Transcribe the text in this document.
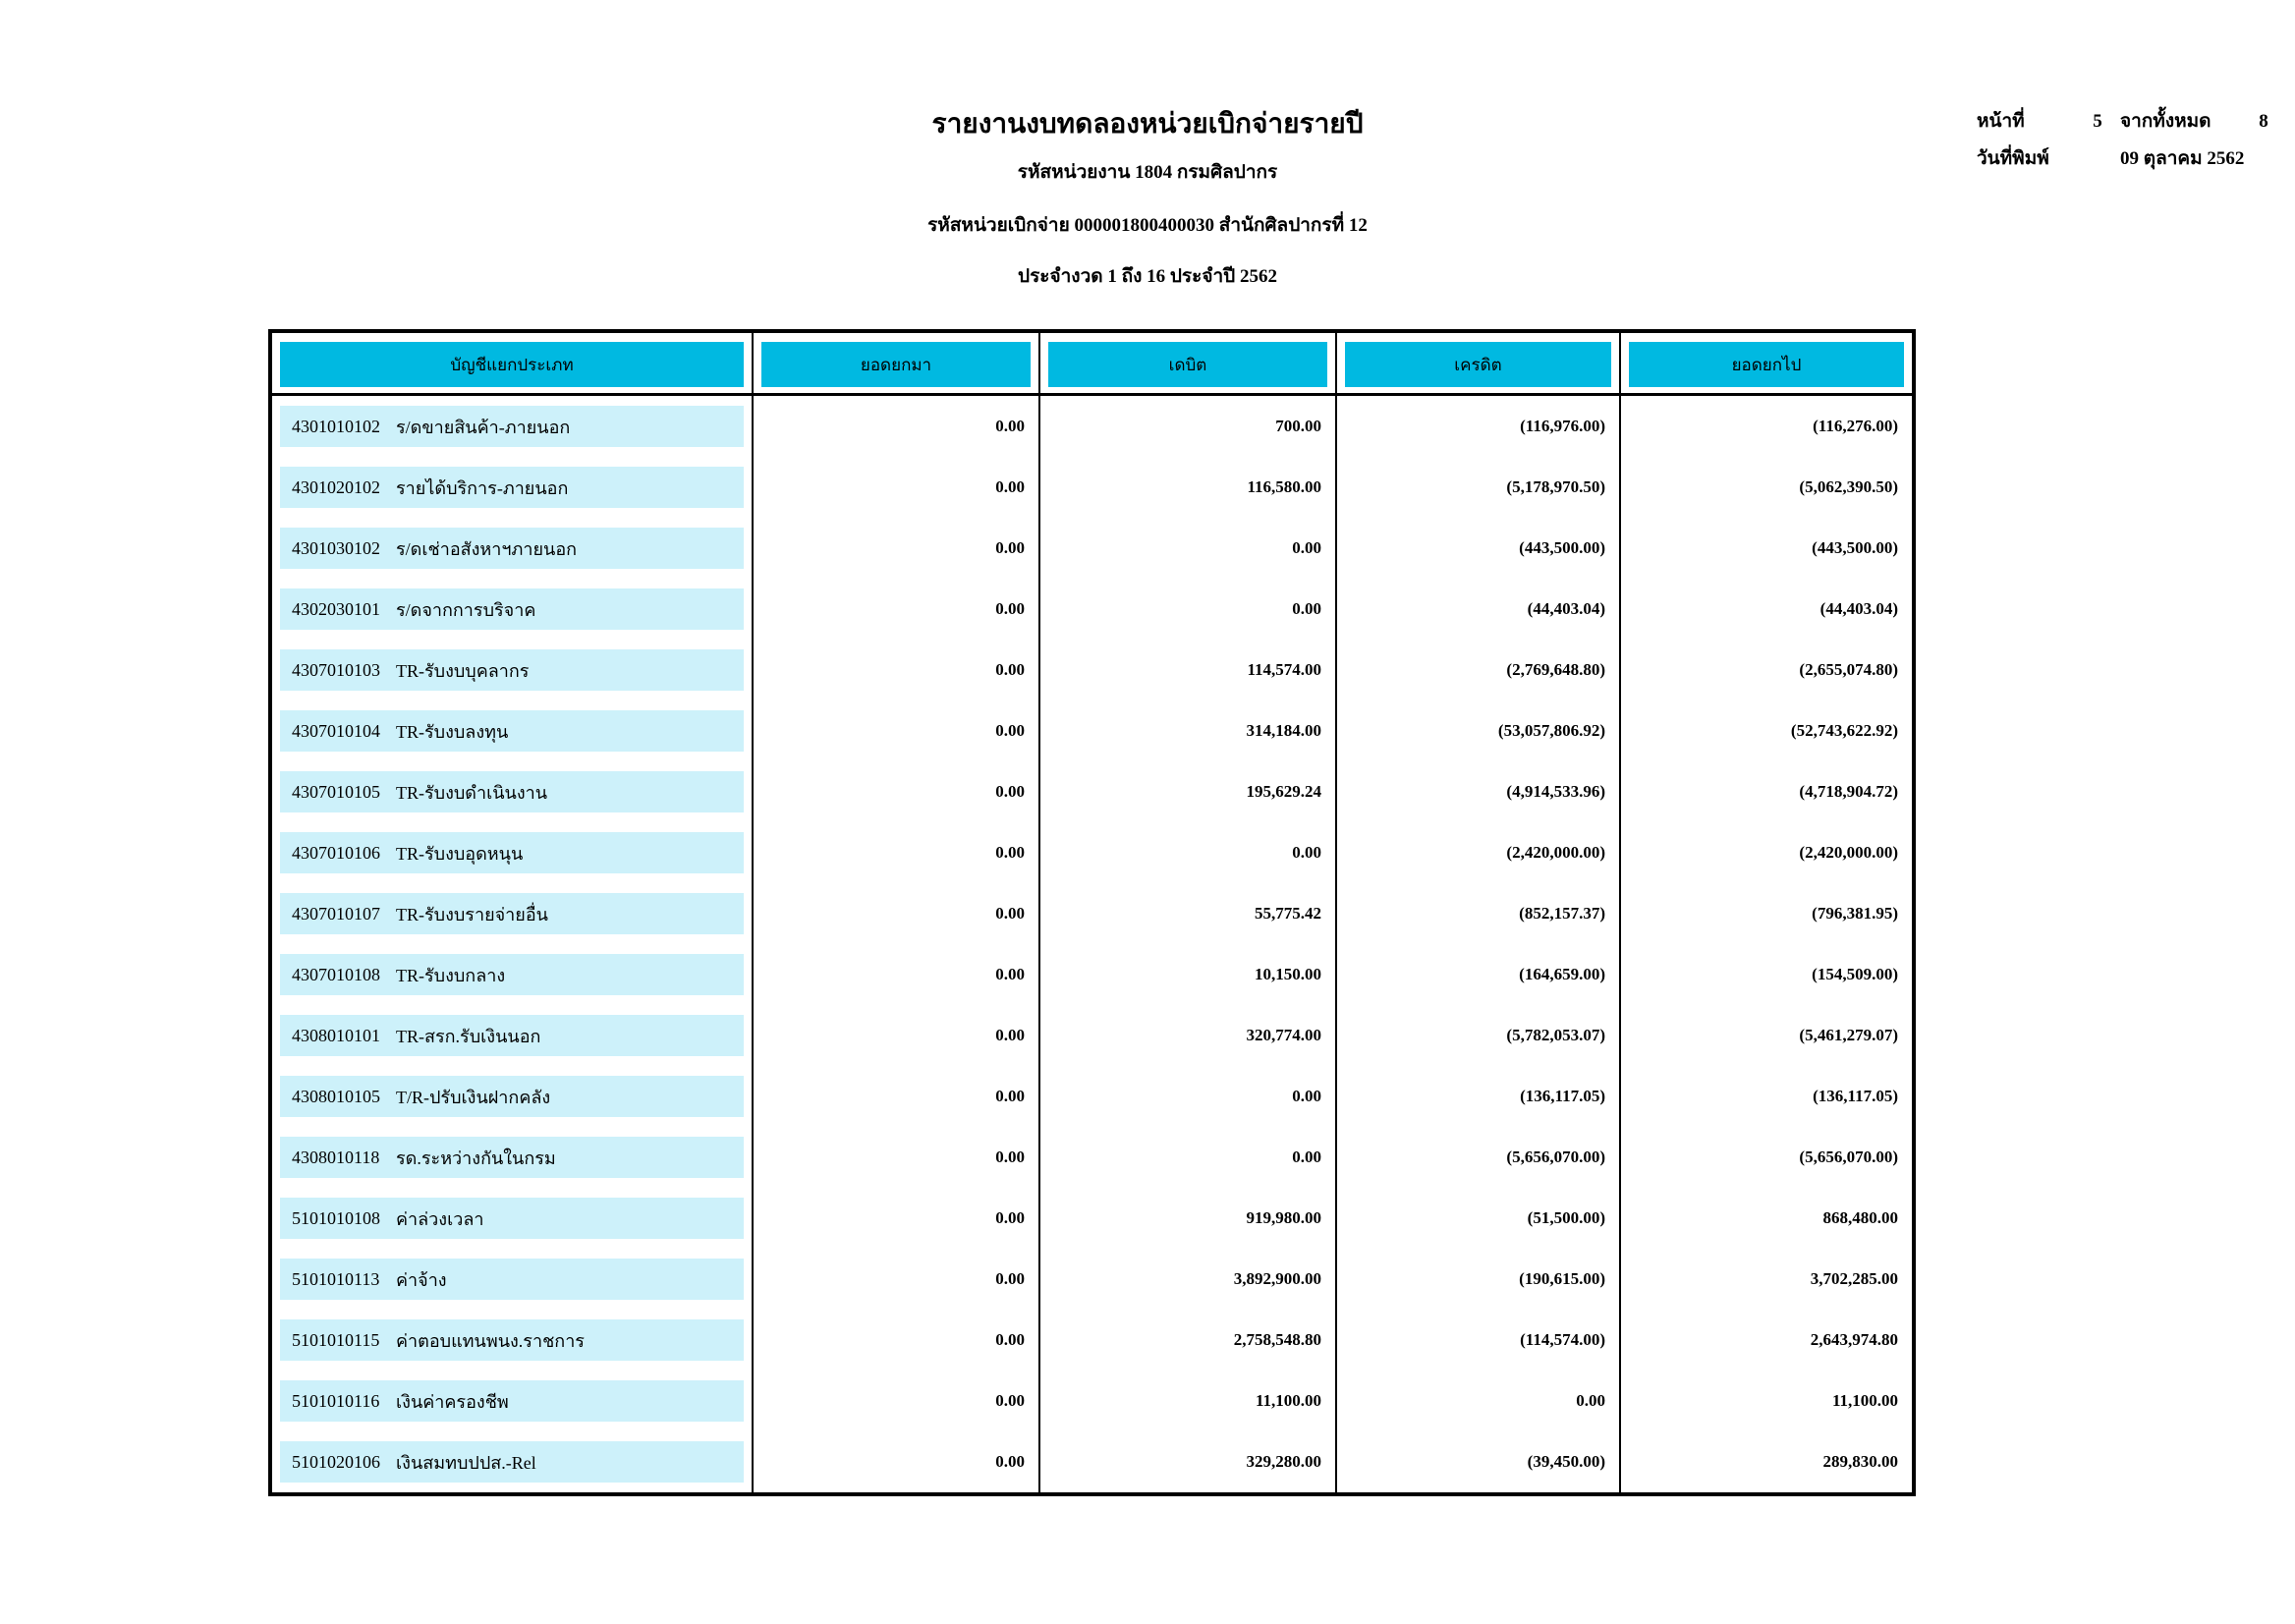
รายงานงบทดลองหน่วยเบิกจ่ายรายปี
รหัสหน่วยงาน 1804 กรมศิลปากร
รหัสหน่วยเบิกจ่าย 000001800400030 สำนักศิลปากรที่ 12
ประจำงวด 1 ถึง 16 ประจำปี 2562
หน้าที่	5 จากทั้งหมด	8
วันที่พิมพ์	09 ตุลาคม 2562
บัญชีแยกประเภท	ยอดยกมา	เดบิต	เครดิต	ยอดยกไป
4301010102 ร/ดขายสินค้า-ภายนอก	0.00	700.00	(116,976.00)	(116,276.00)
4301020102 รายได้บริการ-ภายนอก	0.00	116,580.00	(5,178,970.50)	(5,062,390.50)
4301030102 ร/ดเช่าอสังหาฯภายนอก	0.00	0.00	(443,500.00)	(443,500.00)
4302030101 ร/ดจากการบริจาค	0.00	0.00	(44,403.04)	(44,403.04)
4307010103 TR-รับงบบุคลากร	0.00	114,574.00	(2,769,648.80)	(2,655,074.80)
4307010104 TR-รับงบลงทุน	0.00	314,184.00	(53,057,806.92)	(52,743,622.92)
4307010105 TR-รับงบดำเนินงาน	0.00	195,629.24	(4,914,533.96)	(4,718,904.72)
4307010106 TR-รับงบอุดหนุน	0.00	0.00	(2,420,000.00)	(2,420,000.00)
4307010107 TR-รับงบรายจ่ายอื่น	0.00	55,775.42	(852,157.37)	(796,381.95)
4307010108 TR-รับงบกลาง	0.00	10,150.00	(164,659.00)	(154,509.00)
4308010101 TR-สรก.รับเงินนอก	0.00	320,774.00	(5,782,053.07)	(5,461,279.07)
4308010105 T/R-ปรับเงินฝากคลัง	0.00	0.00	(136,117.05)	(136,117.05)
4308010118 รด.ระหว่างกันในกรม	0.00	0.00	(5,656,070.00)	(5,656,070.00)
5101010108 ค่าล่วงเวลา	0.00	919,980.00	(51,500.00)	868,480.00
5101010113 ค่าจ้าง	0.00	3,892,900.00	(190,615.00)	3,702,285.00
5101010115 ค่าตอบแทนพนง.ราชการ	0.00	2,758,548.80	(114,574.00)	2,643,974.80
5101010116 เงินค่าครองชีพ	0.00	11,100.00	0.00	11,100.00
5101020106 เงินสมทบปปส.-Rel	0.00	329,280.00	(39,450.00)	289,830.00
